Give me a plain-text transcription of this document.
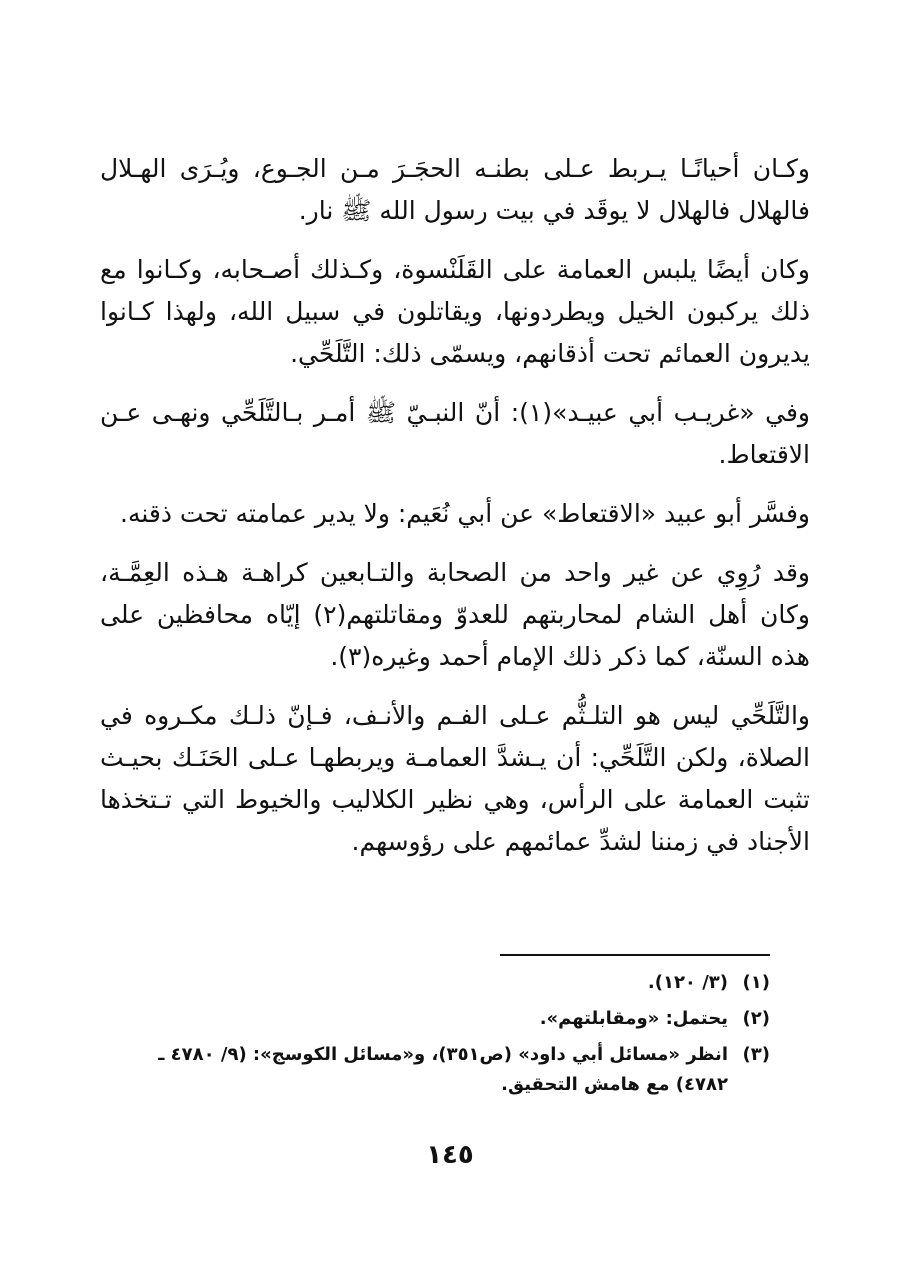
وكـان أحيانًـا يـربط عـلى بطنـه الحجَـرَ مـن الجـوع، ويُـرَى الهـلال فالهلال فالهلال لا يوقَد في بيت رسول الله ﷺ نار.

وكان أيضًا يلبس العمامة على القَلَنْسوة، وكـذلك أصـحابه، وكـانوا مع ذلك يركبون الخيل ويطردونها، ويقاتلون في سبيل الله، ولهذا كـانوا يديرون العمائم تحت أذقانهم، ويسمّى ذلك: التَّلَحِّي.

وفي «غريـب أبي عبيـد»(١): أنّ النبـيّ ﷺ أمـر بـالتَّلَحِّي ونهـى عـن الاقتعاط.

وفسَّر أبو عبيد «الاقتعاط» عن أبي نُعَيم: ولا يدير عمامته تحت ذقنه.

وقد رُوِي عن غير واحد من الصحابة والتـابعين كراهـة هـذه العِمَّـة، وكان أهل الشام لمحاربتهم للعدوّ ومقاتلتهم(٢) إيّاه محافظين على هذه السنّة، كما ذكر ذلك الإمام أحمد وغيره(٣).

والتَّلَحِّي ليس هو التلـثُّم عـلى الفـم والأنـف، فـإنّ ذلـك مكـروه في الصلاة، ولكن التَّلَحِّي: أن يـشدَّ العمامـة ويربطهـا عـلى الحَنَـك بحيـث تثبت العمامة على الرأس، وهي نظير الكلاليب والخيوط التي تـتخذها الأجناد في زمننا لشدِّ عمائمهم على رؤوسهم.

(١)
(٣/ ١٢٠).
(٢)
يحتمل: «ومقابلتهم».
(٣)
انظر «مسائل أبي داود» (ص٣٥١)، و«مسائل الكوسج»: (٩/ ٤٧٨٠ ـ ٤٧٨٢) مع هامش التحقيق.
١٤٥
